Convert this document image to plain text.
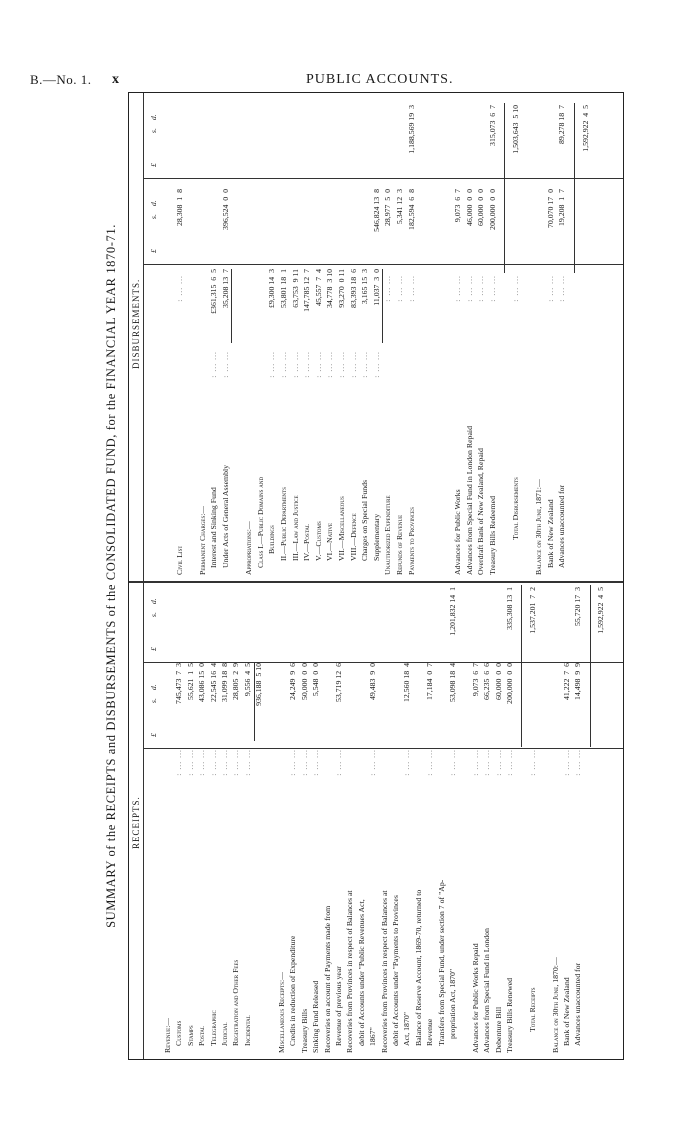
B.—No. 1. x	PUBLIC ACCOUNTS.
SUMMARY of the RECEIPTS and DISBURSEMENTS of the CONSOLIDATED FUND, for the FINANCIAL YEAR 1870-71. RECEIPTS.
DISBURSEMENTS.
£s.d.
£s.d.
£s.d.
£s.d.
Revenue:— Customs
: ... ...
745,473  7  3
Stamps
: ... ...
55,621  1  5
Postal
: ... ...
43,086 15  0
Telegraphic
: ... ...
22,545 16  4
Judicial
: ... ...
31,099 18  8
Registration and Other Fees
: ... ...
28,805  2  9
Incidental
: ... ...
9,556  4  5 936,188  5 10
Miscellaneous Receipts:— Credits in reduction of Expenditure
: ... ...
24,249  9  6
Treasury Bills
: ... ...
50,000  0  0
Sinking Fund Released
: ... ...
5,548  0  0
Recoveries on account of Payments made from Revenue of previous year
: ... ...
53,719 12  6
Recoveries from Provinces in respect of Balances at debit of Accounts under "Public Revenues Act, 1867"
: ... ...
49,483  9  0
Recoveries from Provinces in respect of Balances at debit of Accounts under "Payments to Provinces Act, 1870"
: ... ...
12,560 18  4
Balance of Reserve Account, 1869-70, returned to Revenue
: ... ...
17,184  0  7
Transfers from Special Fund, under section 7 of "Ap- propriation Act, 1870"
: ... ...
53,098 18  4
1,201,832 14  1
Advances for Public Works Repaid
: ... ...
9,073  6  7
Advances from Special Fund in London
: ... ...
66,235  6  6
Debenture Bill
: ... ...
60,000  0  0
Treasury Bills Renewed
: ... ...
200,000  0  0
335,308 13  1
Total Receipts
: ... ...
1,537,201  7  2
Balance on 30th June, 1870:— Bank of New Zealand
: ... ...
41,222  7  6
Advances unaccounted for
: ... ...
14,498  9  9
55,720 17  3 1,592,922  4  5
Civil List
: ... ...
28,308  1  8
Permanent Charges:— Interest and Sinking Fund
: ... ...
£361,315  6  5
Under Acts of General Assembly
: ... ...
35,208 13  7
396,524  0  0
Appropriations:— Class I.—Public Domains and Buildings
: ... ...
£9,300 14  3
II.—Public Departments
: ... ...
53,801 18  1
III.—Law and Justice
: ... ...
63,753  9 11
IV.—Postal
: ... ...
147,785 12  7
V.—Customs
: ... ...
45,557  7  4
VI.—Native
: ... ...
34,778  3 10
VII.—Miscellaneous
: ... ...
93,270  0 11
VIII.—Defence
: ... ...
83,393 18  6
Charges on Special Funds
: ... ...
3,165 15  3
Supplementary
: ... ...
11,037  3  0
546,824 13  8
Unauthorized Expenditure
: ... ...
28,977  5  0
Refunds of Revenue
: ... ...
5,341 12  3
Payments to Provinces
: ... ...
182,594  6  8
1,188,569 19  3
Advances for Public Works
: ... ...
9,073  6  7
Advances from Special Fund in London Repaid
: ... ...
46,000  0  0
Overdraft Bank of New Zealand, Repaid
: ... ...
60,000  0  0
Treasury Bills Redeemed
: ... ...
200,000  0  0
315,073  6  7
Total Disbursements
: ... ...
1,503,643  5 10
Balance on 30th June, 1871:— Bank of New Zealand
: ... ...
70,070 17  0
Advances unaccounted for
: ... ...
19,208  1  7
89,278 18  7 1,592,922  4  5
